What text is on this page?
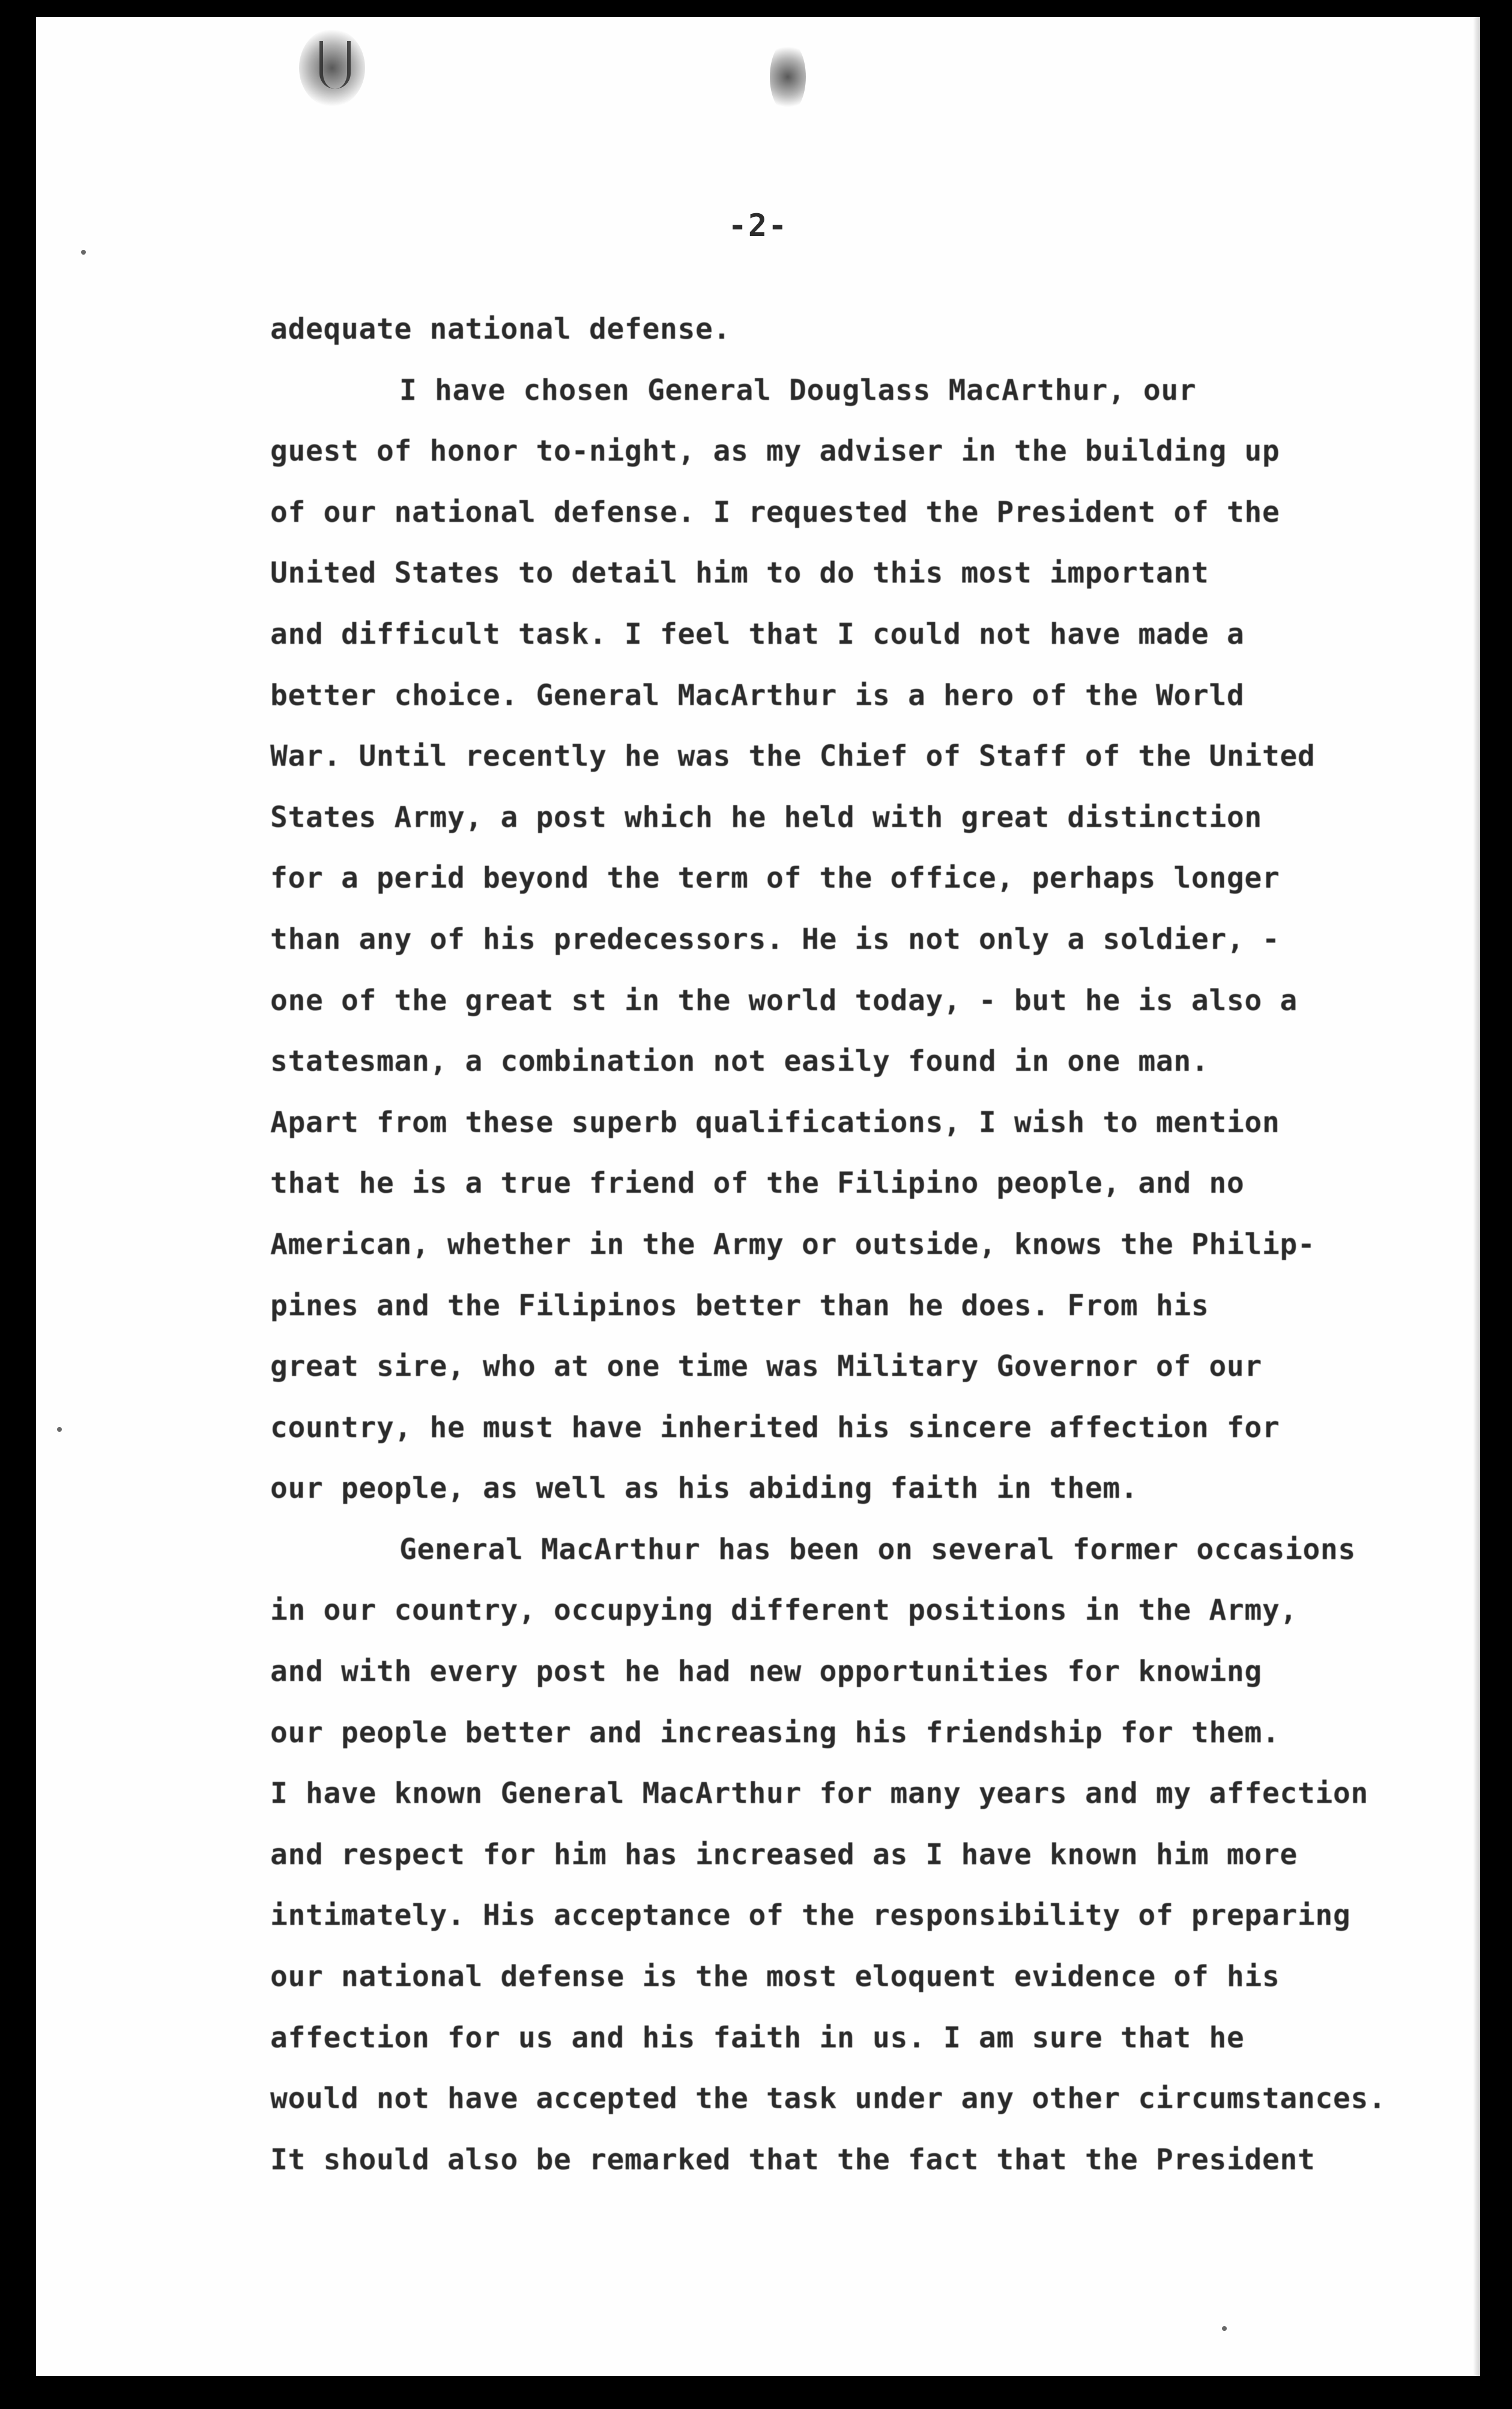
-2-
adequate national defense.
I have chosen General Douglass MacArthur, our
guest of honor to-night, as my adviser in the building up
of our national defense. I requested the President of the
United States to detail him to do this most important
and difficult task. I feel that I could not have made a
better choice. General MacArthur is a hero of the World
War. Until recently he was the Chief of Staff of the United
States Army, a post which he held with great distinction
for a perid beyond the term of the office, perhaps longer
than any of his predecessors. He is not only a soldier, -
one of the great st in the world today, - but he is also a
statesman, a combination not easily found in one man.
Apart from these superb qualifications, I wish to mention
that he is a true friend of the Filipino people, and no
American, whether in the Army or outside, knows the Philip-
pines and the Filipinos better than he does. From his
great sire, who at one time was Military Governor of our
country, he must have inherited his sincere affection for
our people, as well as his abiding faith in them.
General MacArthur has been on several former occasions
in our country, occupying different positions in the Army,
and with every post he had new opportunities for knowing
our people better and increasing his friendship for them.
I have known General MacArthur for many years and my affection
and respect for him has increased as I have known him more
intimately. His acceptance of the responsibility of preparing
our national defense is the most eloquent evidence of his
affection for us and his faith in us. I am sure that he
would not have accepted the task under any other circumstances.
It should also be remarked that the fact that the President
